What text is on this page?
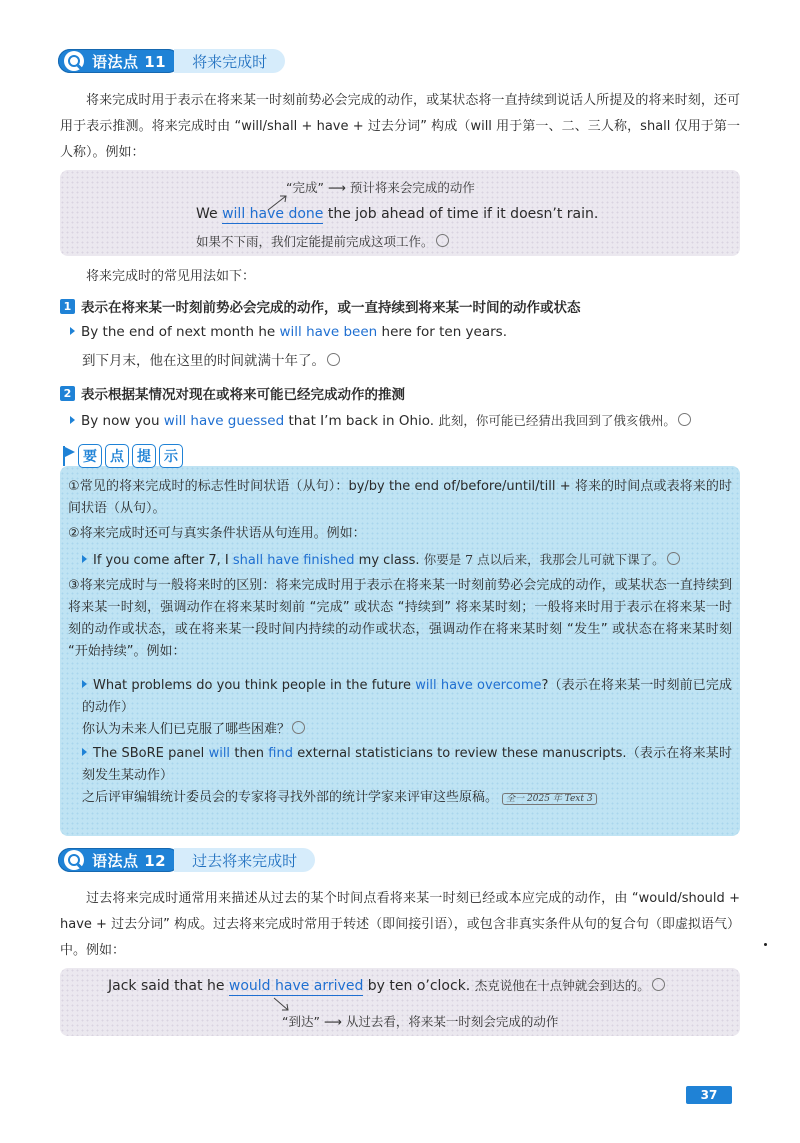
语法点 11	将来完成时

将来完成时用于表示在将来某一时刻前势必会完成的动作，或某状态将一直持续到说话人所提及的将来时刻，还可用于表示推测。将来完成时由 “will/shall + have + 过去分词” 构成（will 用于第一、二、三人称，shall 仅用于第一人称）。例如：

“完成” ⟶ 预计将来会完成的动作
We will have done the job ahead of time if it doesn’t rain.
如果不下雨，我们定能提前完成这项工作。

将来完成时的常见用法如下：

1 表示在将来某一时刻前势必会完成的动作，或一直持续到将来某一时间的动作或状态
By the end of next month he will have been here for ten years.
到下月末，他在这里的时间就满十年了。
2 表示根据某情况对现在或将来可能已经完成动作的推测
By now you will have guessed that I’m back in Ohio. 此刻，你可能已经猜出我回到了俄亥俄州。
①常见的将来完成时的标志性时间状语（从句）：by/by the end of/before/until/till + 将来的时间点或表将来的时间状语（从句）。
②将来完成时还可与真实条件状语从句连用。例如：
If you come after 7, I shall have finished my class. 你要是 7 点以后来，我那会儿可就下课了。
③将来完成时与一般将来时的区别：将来完成时用于表示在将来某一时刻前势必会完成的动作，或某状态一直持续到将来某一时刻，强调动作在将来某时刻前 “完成” 或状态 “持续到” 将来某时刻；一般将来时用于表示在将来某一时刻的动作或状态，或在将来某一段时间内持续的动作或状态，强调动作在将来某时刻 “发生” 或状态在将来某时刻 “开始持续”。例如：
What problems do you think people in the future will have overcome?（表示在将来某一时刻前已完成的动作）
你认为未来人们已克服了哪些困难？
The SBoRE panel will then find external statisticians to review these manuscripts.（表示在将来某时刻发生某动作）
之后评审编辑统计委员会的专家将寻找外部的统计学家来评审这些原稿。 全一 2025 年 Text 3
要 点 提 示
语法点 12	过去将来完成时

过去将来完成时通常用来描述从过去的某个时间点看将来某一时刻已经或本应完成的动作，由 “would/should + have + 过去分词” 构成。过去将来完成时常用于转述（即间接引语），或包含非真实条件从句的复合句（即虚拟语气）中。例如：

Jack said that he would have arrived by ten o’clock. 杰克说他在十点钟就会到达的。
“到达” ⟶ 从过去看，将来某一时刻会完成的动作
37
